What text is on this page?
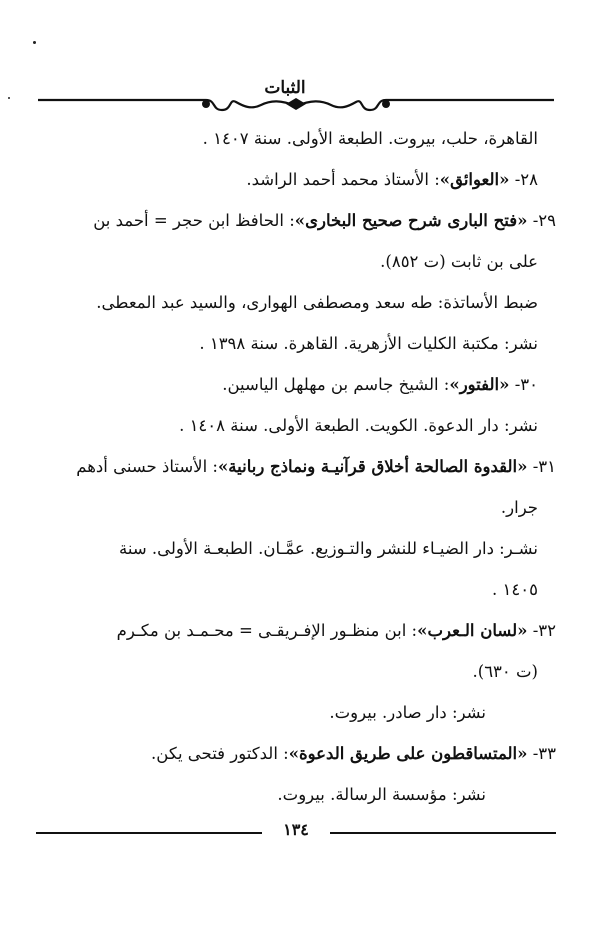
الثبات

القاهرة، حلب، بيروت. الطبعة الأولى. سنة ١٤٠٧ .

٢٨- «العوائق»: الأستاذ محمد أحمد الراشد.

٢٩- «فتح البارى شرح صحيح البخارى»: الحافظ ابن حجر = أحمد بن

على بن ثابت (ت ٨٥٢).

ضبط الأساتذة: طه سعد ومصطفى الهوارى، والسيد عبد المعطى.

نشر: مكتبة الكليات الأزهرية. القاهرة. سنة ١٣٩٨ .

٣٠- «الفتور»: الشيخ جاسم بن مهلهل الياسين.

نشر: دار الدعوة. الكويت. الطبعة الأولى. سنة ١٤٠٨ .

٣١- «القدوة الصالحة أخلاق قرآنيـة ونماذج ربانية»: الأستاذ حسنى أدهم

جرار.

نشـر: دار الضيـاء للنشر والتـوزيع. عمَّـان. الطبعـة الأولى. سنة

١٤٠٥ .

٣٢- «لسان الـعرب»: ابن منظـور الإفـريقـى = محـمـد بن مكـرم

(ت ٦٣٠).

نشر: دار صادر. بيروت.

٣٣- «المتساقطون على طريق الدعوة»: الدكتور فتحى يكن.

نشر: مؤسسة الرسالة. بيروت.

١٣٤
